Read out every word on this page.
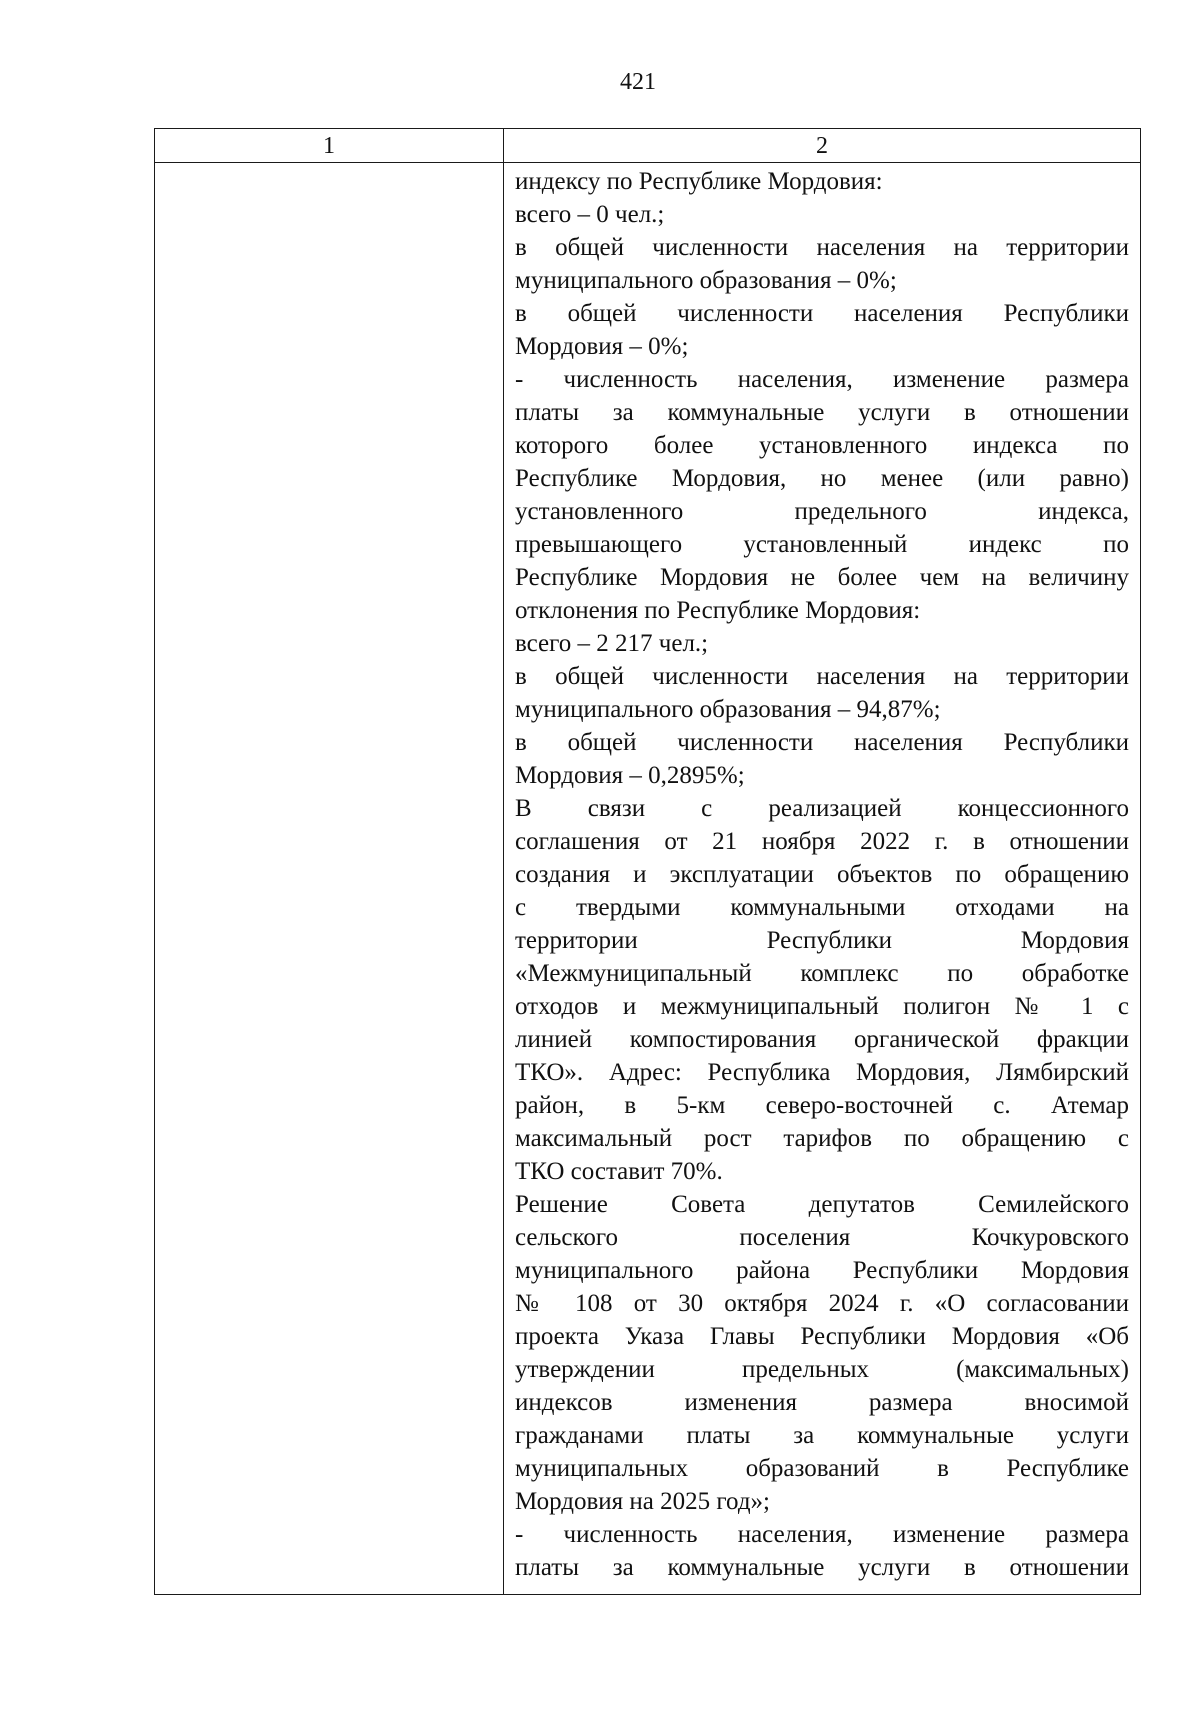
421
1	2
индексу по Республике Мордовия:
всего – 0 чел.;
в общей численности населения на территории
муниципального образования – 0%;
в общей численности населения Республики
Мордовия – 0%;
- численность населения, изменение размера
платы за коммунальные услуги в отношении
которого более установленного индекса по
Республике Мордовия, но менее (или равно)
установленного предельного индекса,
превышающего установленный индекс по
Республике Мордовия не более чем на величину
отклонения по Республике Мордовия:
всего – 2 217 чел.;
в общей численности населения на территории
муниципального образования – 94,87%;
в общей численности населения Республики
Мордовия – 0,2895%;
В связи с реализацией концессионного
соглашения от 21 ноября 2022 г. в отношении
создания и эксплуатации объектов по обращению
с твердыми коммунальными отходами на
территории Республики Мордовия
«Межмуниципальный комплекс по обработке
отходов и межмуниципальный полигон № 1 с
линией компостирования органической фракции
ТКО». Адрес: Республика Мордовия, Лямбирский
район, в 5-км северо-восточней с. Атемар
максимальный рост тарифов по обращению с
ТКО составит 70%.
Решение Совета депутатов Семилейского
сельского поселения Кочкуровского
муниципального района Республики Мордовия
№ 108 от 30 октября 2024 г. «О согласовании
проекта Указа Главы Республики Мордовия «Об
утверждении предельных (максимальных)
индексов изменения размера вносимой
гражданами платы за коммунальные услуги
муниципальных образований в Республике
Мордовия на 2025 год»;
- численность населения, изменение размера
платы за коммунальные услуги в отношении
